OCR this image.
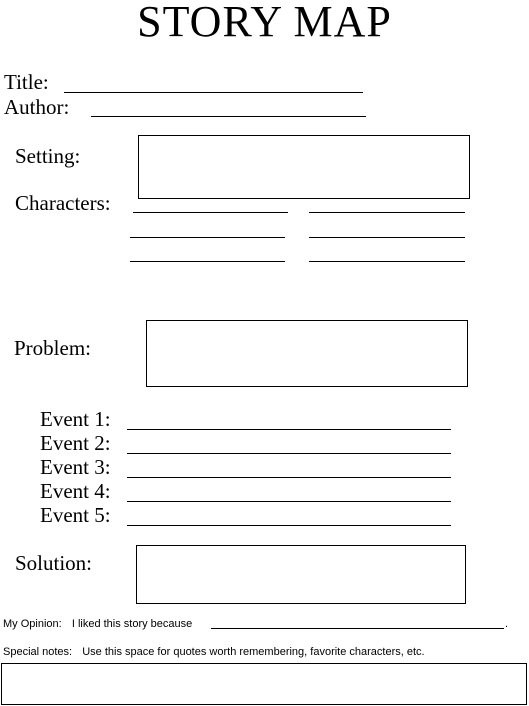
STORY MAP
Title:
Author:
Setting:
Characters:
Problem:
Event 1:
Event 2:
Event 3:
Event 4:
Event 5:
Solution:
My Opinion: I liked this story because	.
Special notes: Use this space for quotes worth remembering, favorite characters, etc.
